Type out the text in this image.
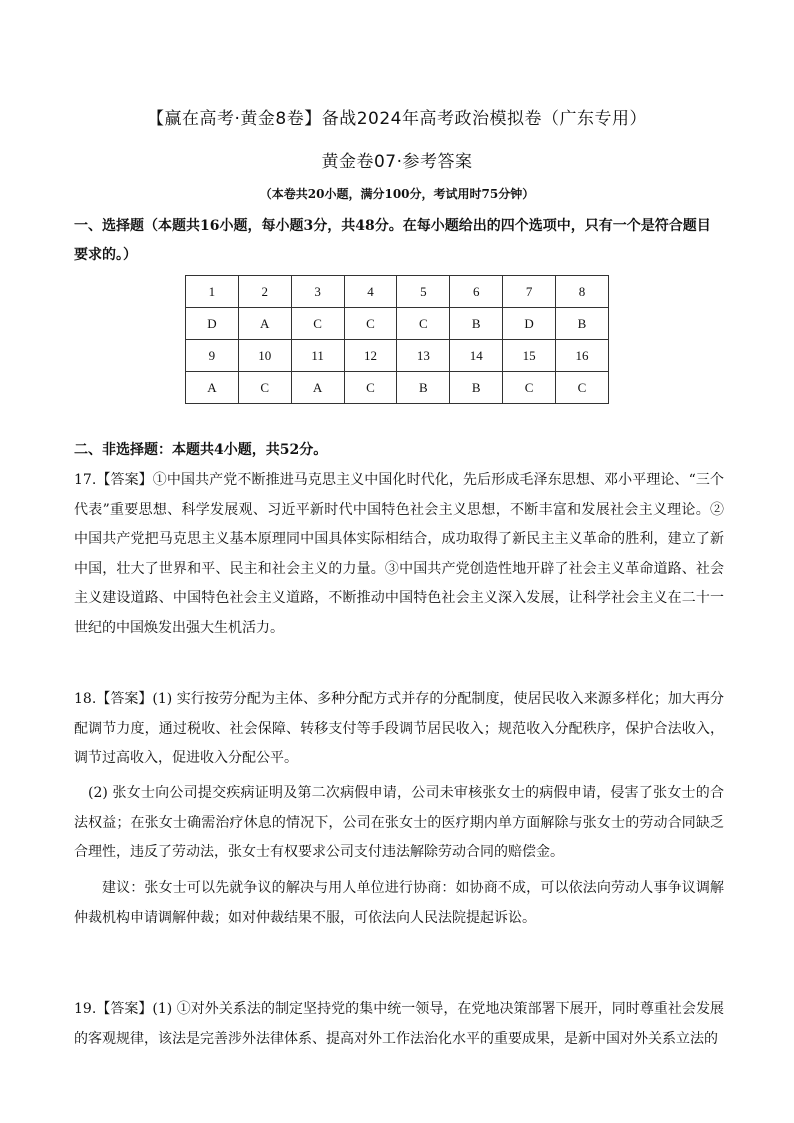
【赢在高考·黄金8卷】备战2024年高考政治模拟卷（广东专用）
黄金卷07·参考答案
（本卷共20小题，满分100分，考试用时75分钟）
一、选择题（本题共16小题，每小题3分，共48分。在每小题给出的四个选项中，只有一个是符合题目要求的。）
1	2	3	4	5	6	7	8
D	A	C	C	C	B	D	B
9	10	11	12	13	14	15	16
A	C	A	C	B	B	C	C
二、非选择题：本题共4小题，共52分。
17.【答案】①中国共产党不断推进马克思主义中国化时代化，先后形成毛泽东思想、邓小平理论、“三个代表”重要思想、科学发展观、习近平新时代中国特色社会主义思想，不断丰富和发展社会主义理论。②中国共产党把马克思主义基本原理同中国具体实际相结合，成功取得了新民主主义革命的胜利，建立了新中国，壮大了世界和平、民主和社会主义的力量。③中国共产党创造性地开辟了社会主义革命道路、社会主义建设道路、中国特色社会主义道路，不断推动中国特色社会主义深入发展，让科学社会主义在二十一世纪的中国焕发出强大生机活力。
18.【答案】(1) 实行按劳分配为主体、多种分配方式并存的分配制度，使居民收入来源多样化；加大再分配调节力度，通过税收、社会保障、转移支付等手段调节居民收入；规范收入分配秩序，保护合法收入，调节过高收入，促进收入分配公平。
(2) 张女士向公司提交疾病证明及第二次病假申请，公司未审核张女士的病假申请，侵害了张女士的合法权益；在张女士确需治疗休息的情况下，公司在张女士的医疗期内单方面解除与张女士的劳动合同缺乏合理性，违反了劳动法，张女士有权要求公司支付违法解除劳动合同的赔偿金。
建议：张女士可以先就争议的解决与用人单位进行协商：如协商不成，可以依法向劳动人事争议调解仲裁机构申请调解仲裁；如对仲裁结果不服，可依法向人民法院提起诉讼。
19.【答案】(1) ①对外关系法的制定坚持党的集中统一领导，在党地决策部署下展开，同时尊重社会发展的客观规律，该法是完善涉外法律体系、提高对外工作法治化水平的重要成果，是新中国对外关系立法的
